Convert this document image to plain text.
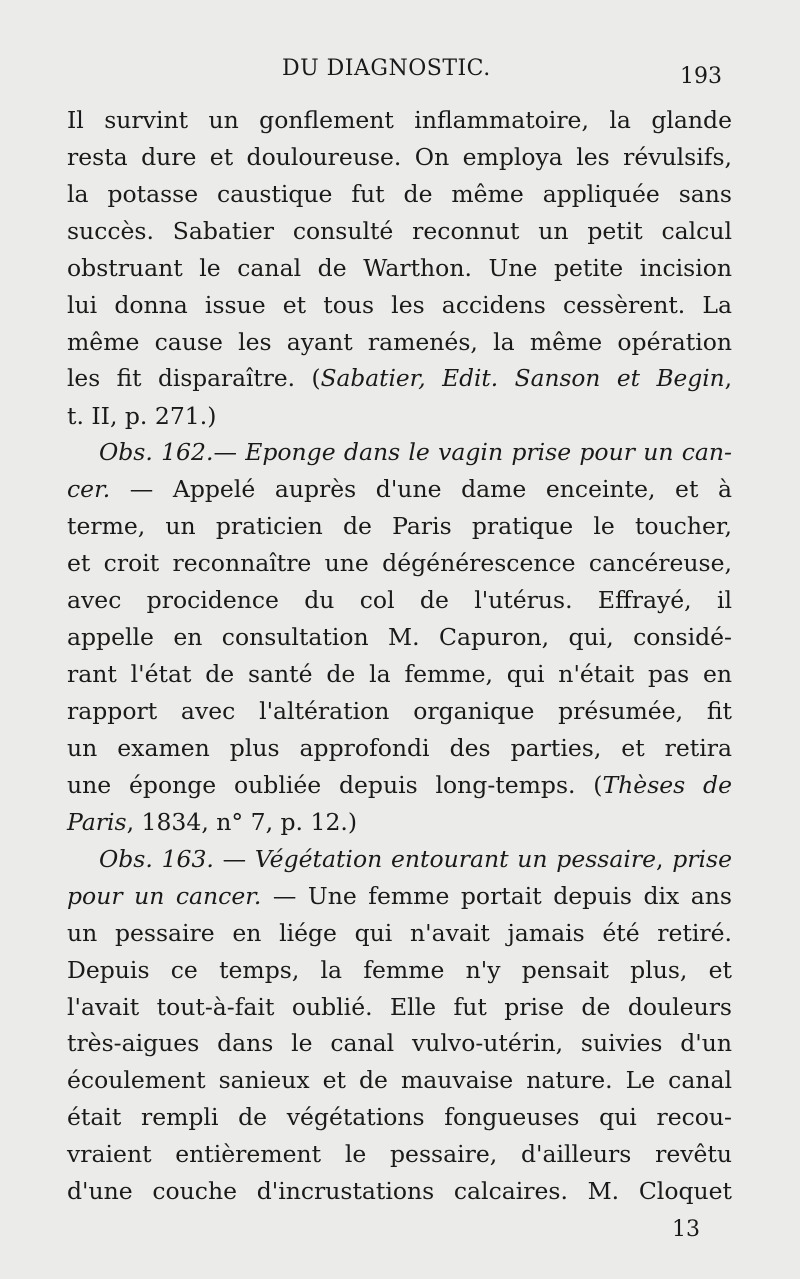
DU DIAGNOSTIC.	193
Il survint un gonflement inflammatoire, la glande
resta dure et douloureuse. On employa les révulsifs,
la potasse caustique fut de même appliquée sans
succès. Sabatier consulté reconnut un petit calcul
obstruant le canal de Warthon. Une petite incision
lui donna issue et tous les accidens cessèrent. La
même cause les ayant ramenés, la même opération
les fit disparaître. (Sabatier, Edit. Sanson et Begin,
t. II, p. 271.)
Obs. 162.— Eponge dans le vagin prise pour un can-
cer. — Appelé auprès d'une dame enceinte, et à
terme, un praticien de Paris pratique le toucher,
et croit reconnaître une dégénérescence cancéreuse,
avec procidence du col de l'utérus. Effrayé, il
appelle en consultation M. Capuron, qui, considé-
rant l'état de santé de la femme, qui n'était pas en
rapport avec l'altération organique présumée, fit
un examen plus approfondi des parties, et retira
une éponge oubliée depuis long-temps. (Thèses de
Paris, 1834, n° 7, p. 12.)
Obs. 163. — Végétation entourant un pessaire, prise
pour un cancer. — Une femme portait depuis dix ans
un pessaire en liége qui n'avait jamais été retiré.
Depuis ce temps, la femme n'y pensait plus, et
l'avait tout-à-fait oublié. Elle fut prise de douleurs
très-aigues dans le canal vulvo-utérin, suivies d'un
écoulement sanieux et de mauvaise nature. Le canal
était rempli de végétations fongueuses qui recou-
vraient entièrement le pessaire, d'ailleurs revêtu
d'une couche d'incrustations calcaires. M. Cloquet
13
